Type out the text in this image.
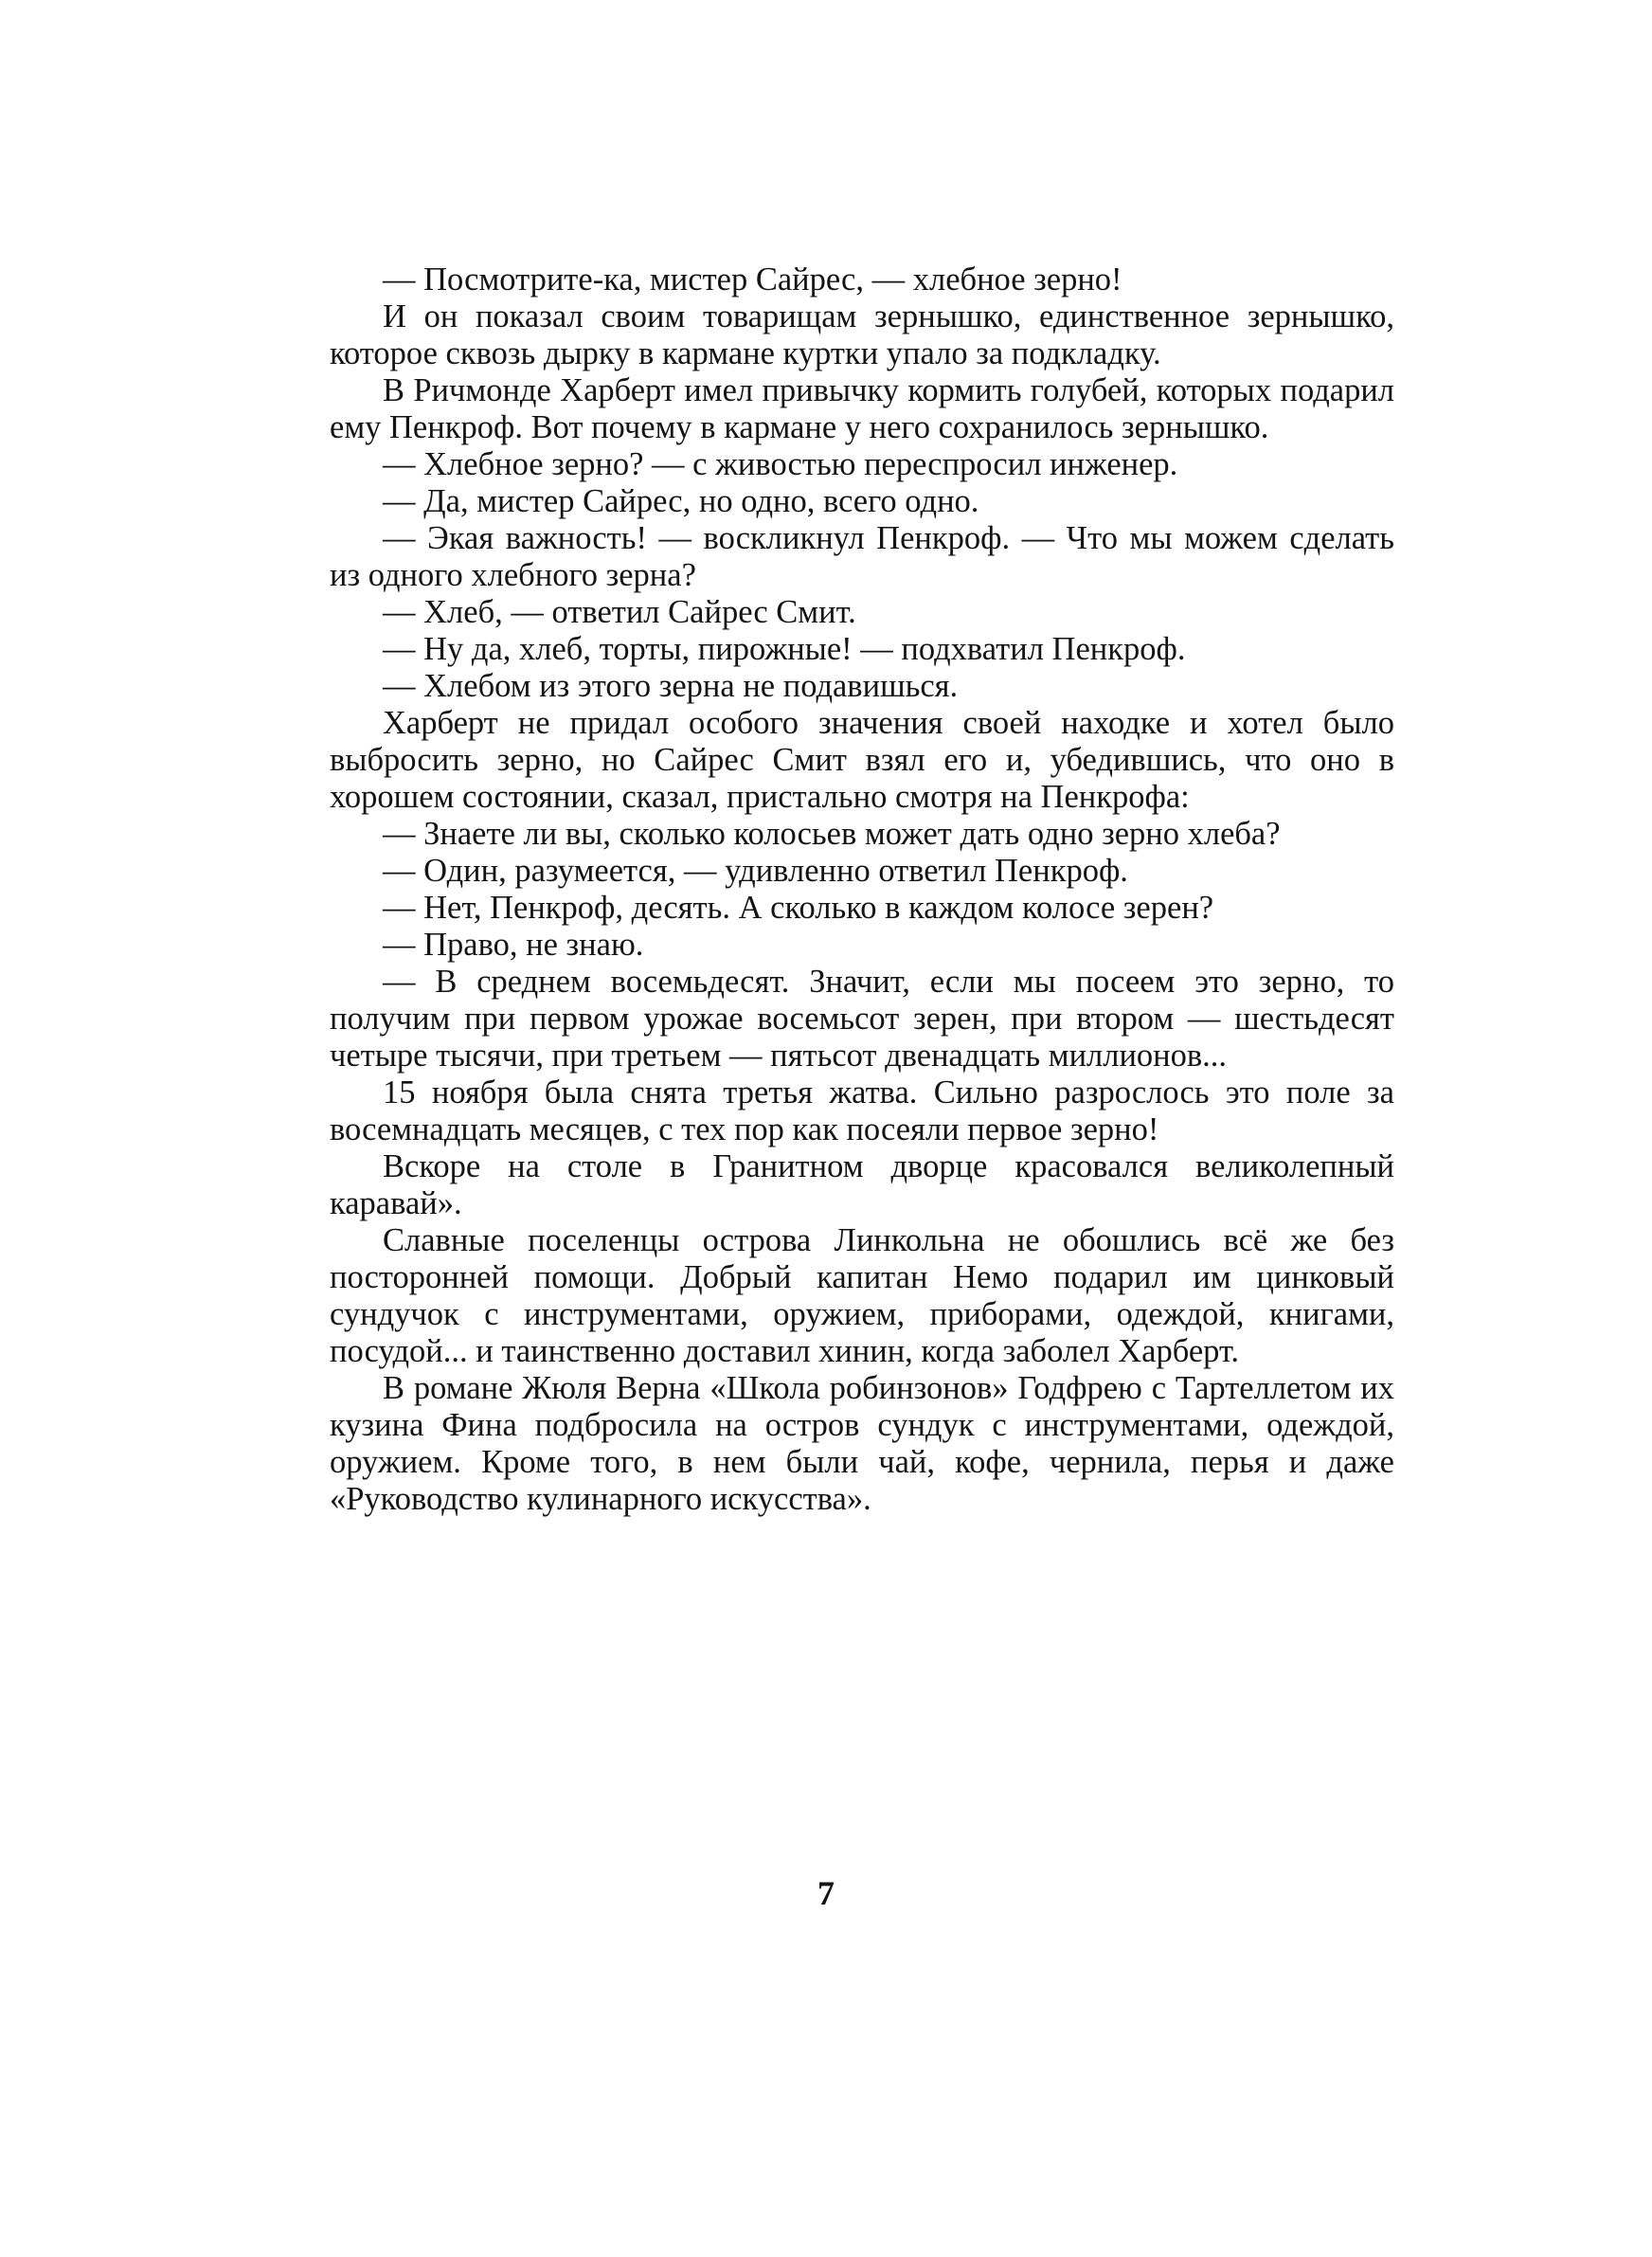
— Посмотрите-ка, мистер Сайрес, — хлебное зерно!

И он показал своим товарищам зернышко, единственное зернышко, которое сквозь дырку в кармане куртки упало за подкладку.

В Ричмонде Харберт имел привычку кормить голубей, которых подарил ему Пенкроф. Вот почему в кармане у него сохранилось зернышко.

— Хлебное зерно? — с живостью переспросил инженер.

— Да, мистер Сайрес, но одно, всего одно.

— Экая важность! — воскликнул Пенкроф. — Что мы можем сделать из одного хлебного зерна?

— Хлеб, — ответил Сайрес Смит.

— Ну да, хлеб, торты, пирожные! — подхватил Пенкроф.

— Хлебом из этого зерна не подавишься.

Харберт не придал особого значения своей находке и хотел было выбросить зерно, но Сайрес Смит взял его и, убедившись, что оно в хорошем состоянии, сказал, пристально смотря на Пенкрофа:

— Знаете ли вы, сколько колосьев может дать одно зерно хлеба?

— Один, разумеется, — удивленно ответил Пенкроф.

— Нет, Пенкроф, десять. А сколько в каждом колосе зерен?

— Право, не знаю.

— В среднем восемьдесят. Значит, если мы посеем это зерно, то получим при первом урожае восемьсот зерен, при втором — шестьдесят четыре тысячи, при третьем — пятьсот двенадцать миллионов...

15 ноября была снята третья жатва. Сильно разрослось это поле за восемнадцать месяцев, с тех пор как посеяли первое зерно!

Вскоре на столе в Гранитном дворце красовался великолепный каравай».

Славные поселенцы острова Линкольна не обошлись всё же без посторонней помощи. Добрый капитан Немо подарил им цинковый сундучок с инструментами, оружием, приборами, одеждой, книгами, посудой... и таинственно доставил хинин, когда заболел Харберт.

В романе Жюля Верна «Школа робинзонов» Годфрею с Тартеллетом их кузина Фина подбросила на остров сундук с инструментами, одеждой, оружием. Кроме того, в нем были чай, кофе, чернила, перья и даже «Руководство кулинарного искусства».

7
